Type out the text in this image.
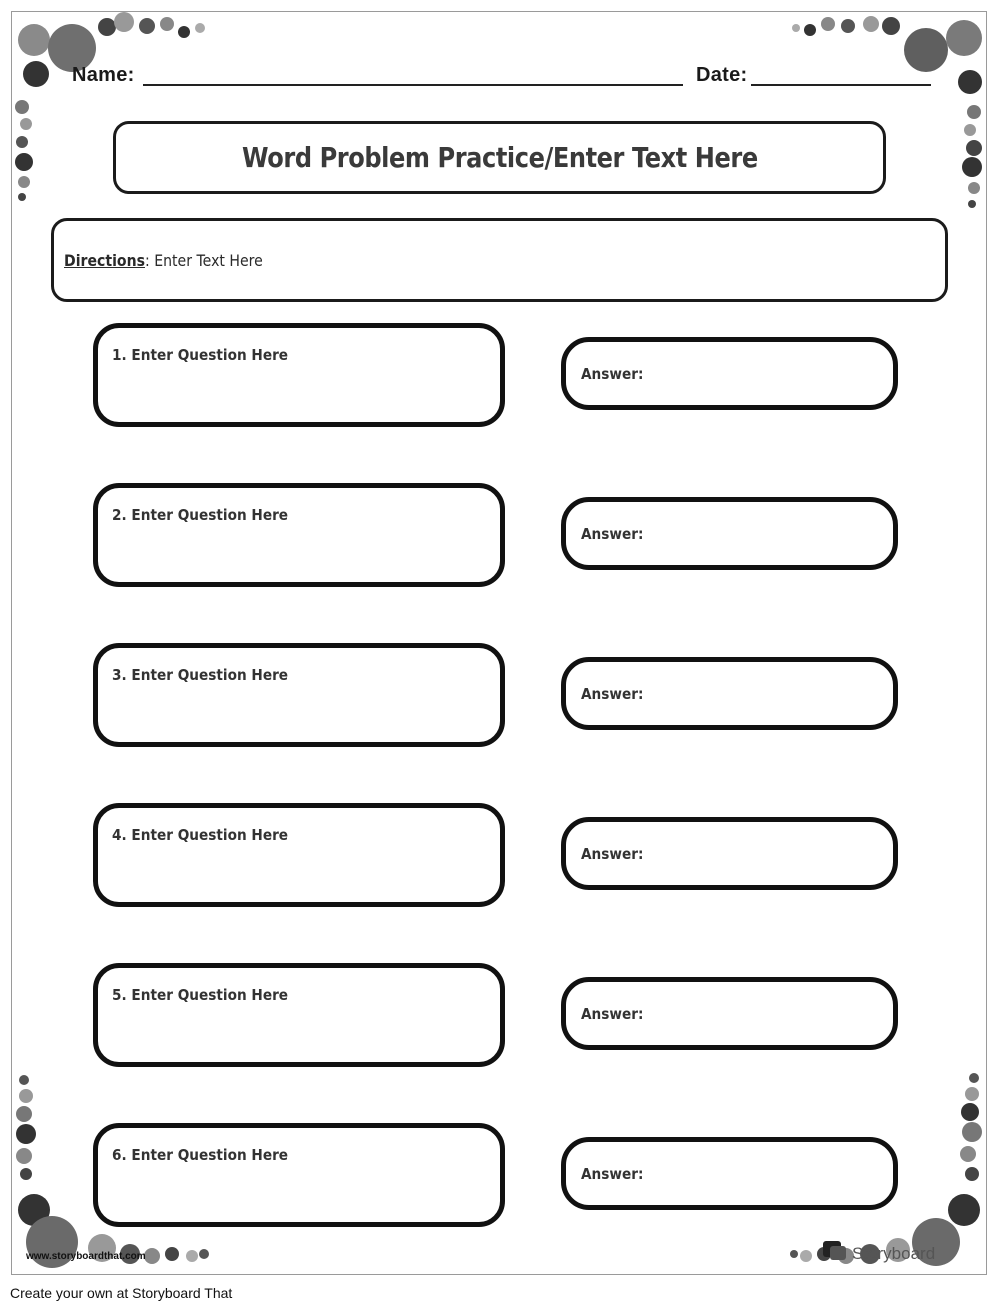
Name:	Date:
Word Problem Practice/Enter Text Here
Directions: Enter Text Here
1. Enter Question Here
Answer:
2. Enter Question Here
Answer:
3. Enter Question Here
Answer:
4. Enter Question Here
Answer:
5. Enter Question Here
Answer:
6. Enter Question Here
Answer:
www.storyboardthat.com	Storyboard
Create your own at Storyboard That
